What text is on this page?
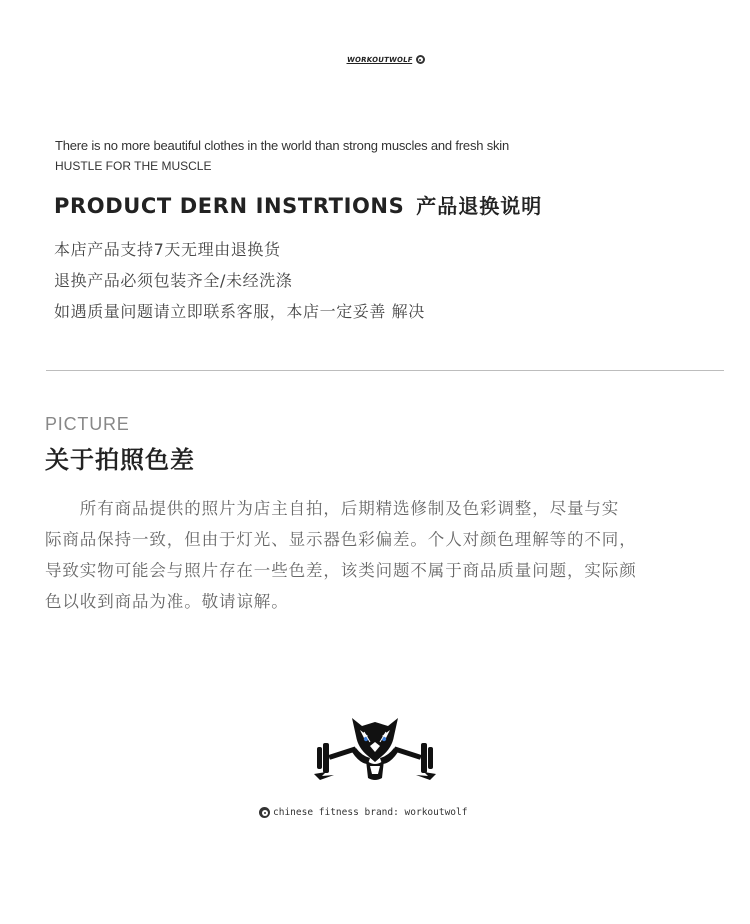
WORKOUTWOLF
There is no more beautiful clothes in the world than strong muscles and fresh skin
HUSTLE FOR THE MUSCLE
PRODUCT DERN INSTRTIONS 产品退换说明
本店产品支持7天无理由退换货
退换产品必须包装齐全/未经洗涤
如遇质量问题请立即联系客服，本店一定妥善 解决
PICTURE
关于拍照色差
　　所有商品提供的照片为店主自拍，后期精选修制及色彩调整，尽量与实
际商品保持一致，但由于灯光、显示器色彩偏差。个人对颜色理解等的不同，
导致实物可能会与照片存在一些色差，该类问题不属于商品质量问题，实际颜
色以收到商品为准。敬请谅解。
chinese fitness brand: workoutwolf
